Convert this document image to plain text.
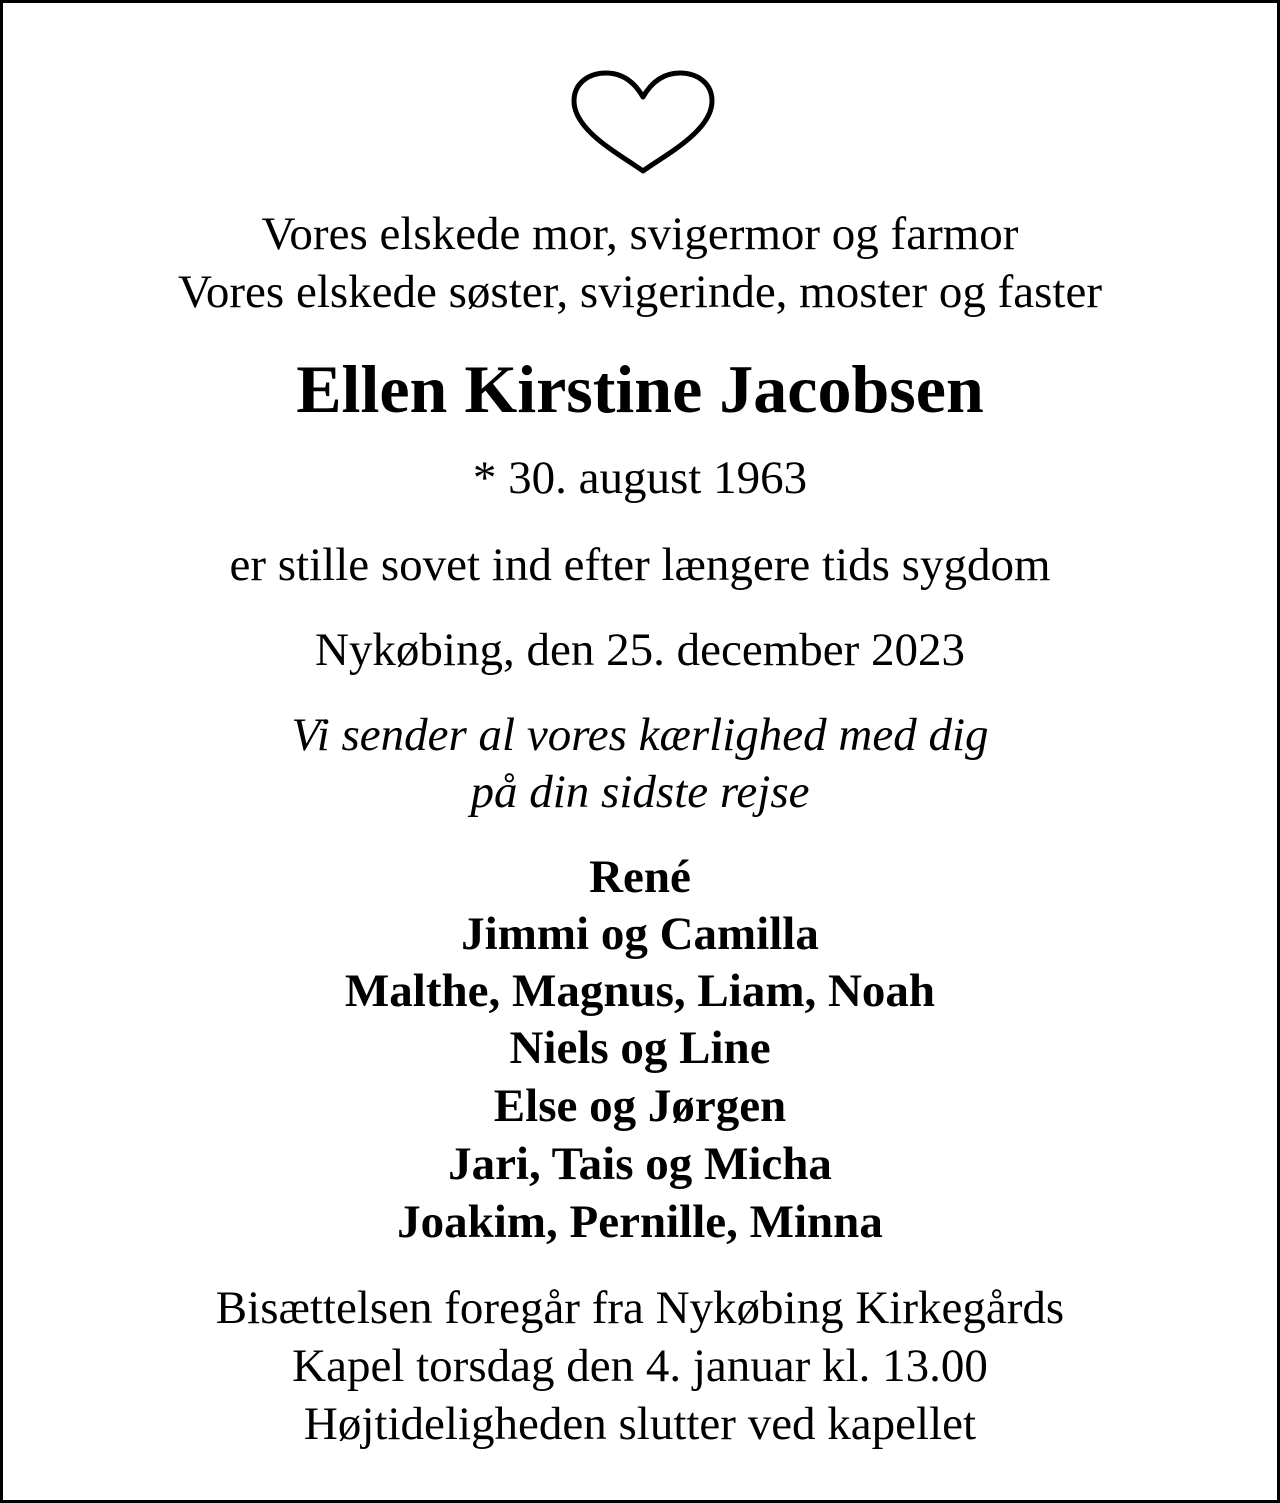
Vores elskede mor, svigermor og farmor
Vores elskede søster, svigerinde, moster og faster
Ellen Kirstine Jacobsen
* 30. august 1963
er stille sovet ind efter længere tids sygdom
Nykøbing, den 25. december 2023
Vi sender al vores kærlighed med dig
på din sidste rejse
René
Jimmi og Camilla
Malthe, Magnus, Liam, Noah
Niels og Line
Else og Jørgen
Jari, Tais og Micha
Joakim, Pernille, Minna
Bisættelsen foregår fra Nykøbing Kirkegårds
Kapel torsdag den 4. januar kl. 13.00
Højtideligheden slutter ved kapellet
